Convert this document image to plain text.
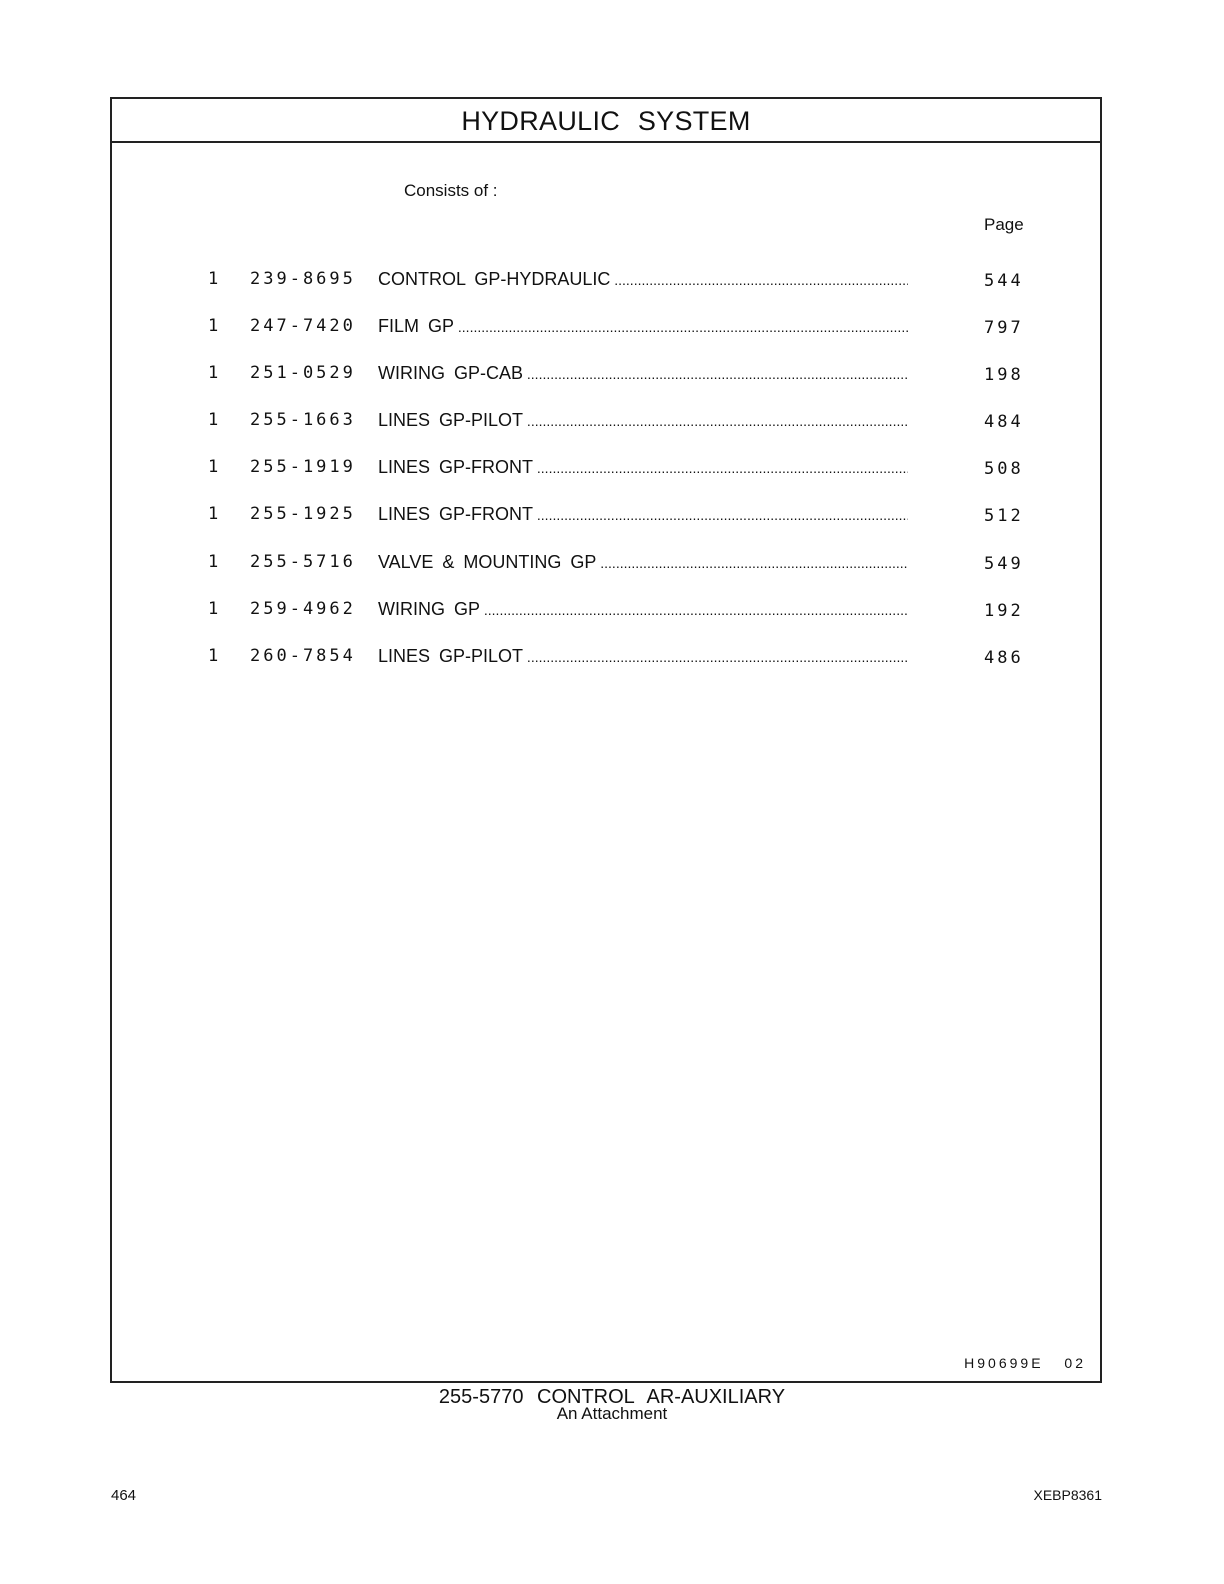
HYDRAULIC SYSTEM
Consists of :
Page
1 239-8695 CONTROL GP-HYDRAULIC .....	544
1 247-7420 FILM GP .....	797
1 251-0529 WIRING GP-CAB .....	198
1 255-1663 LINES GP-PILOT .....	484
1 255-1919 LINES GP-FRONT .....	508
1 255-1925 LINES GP-FRONT .....	512
1 255-5716 VALVE & MOUNTING GP .....	549
1 259-4962 WIRING GP .....	192
1 260-7854 LINES GP-PILOT .....	486
H90699E 02
255-5770 CONTROL AR-AUXILIARY
An Attachment
464	XEBP8361
